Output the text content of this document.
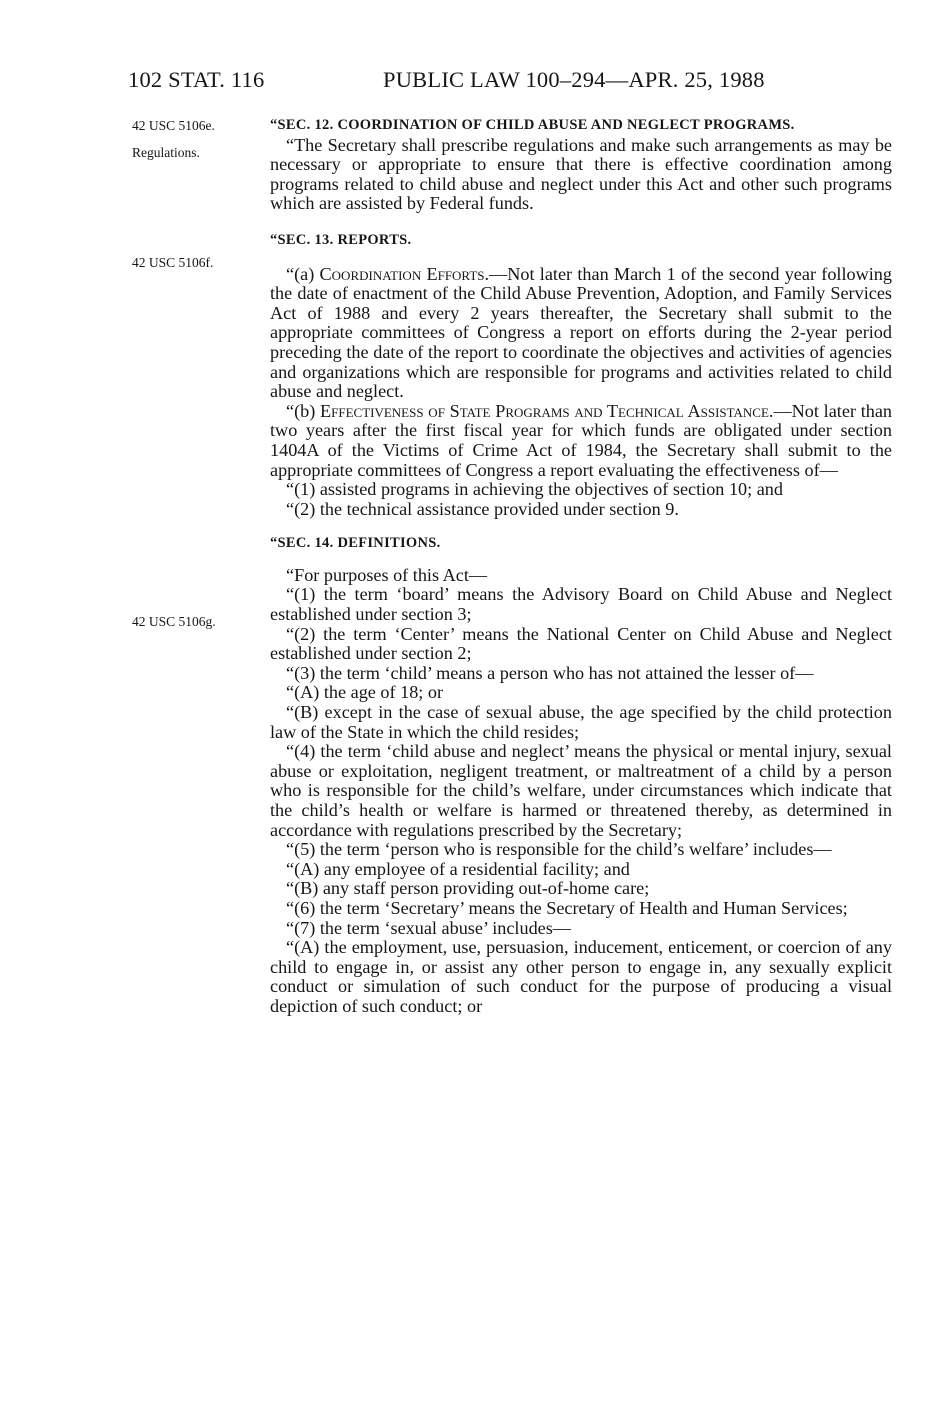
102 STAT. 116	PUBLIC LAW 100–294—APR. 25, 1988
42 USC 5106e.
Regulations.
42 USC 5106f.
42 USC 5106g.

“SEC. 12. COORDINATION OF CHILD ABUSE AND NEGLECT PROGRAMS.

“The Secretary shall prescribe regulations and make such arrangements as may be necessary or appropriate to ensure that there is effective coordination among programs related to child abuse and neglect under this Act and other such programs which are assisted by Federal funds.

“SEC. 13. REPORTS.

“(a) Coordination Efforts.—Not later than March 1 of the second year following the date of enactment of the Child Abuse Prevention, Adoption, and Family Services Act of 1988 and every 2 years thereafter, the Secretary shall submit to the appropriate committees of Congress a report on efforts during the 2-year period preceding the date of the report to coordinate the objectives and activities of agencies and organizations which are responsible for programs and activities related to child abuse and neglect.

“(b) Effectiveness of State Programs and Technical Assistance.—Not later than two years after the first fiscal year for which funds are obligated under section 1404A of the Victims of Crime Act of 1984, the Secretary shall submit to the appropriate committees of Congress a report evaluating the effectiveness of—

“(1) assisted programs in achieving the objectives of section 10; and

“(2) the technical assistance provided under section 9.

“SEC. 14. DEFINITIONS.

“For purposes of this Act—

“(1) the term ‘board’ means the Advisory Board on Child Abuse and Neglect established under section 3;

“(2) the term ‘Center’ means the National Center on Child Abuse and Neglect established under section 2;

“(3) the term ‘child’ means a person who has not attained the lesser of—

“(A) the age of 18; or

“(B) except in the case of sexual abuse, the age specified by the child protection law of the State in which the child resides;

“(4) the term ‘child abuse and neglect’ means the physical or mental injury, sexual abuse or exploitation, negligent treatment, or maltreatment of a child by a person who is responsible for the child’s welfare, under circumstances which indicate that the child’s health or welfare is harmed or threatened thereby, as determined in accordance with regulations prescribed by the Secretary;

“(5) the term ‘person who is responsible for the child’s welfare’ includes—

“(A) any employee of a residential facility; and

“(B) any staff person providing out-of-home care;

“(6) the term ‘Secretary’ means the Secretary of Health and Human Services;

“(7) the term ‘sexual abuse’ includes—

“(A) the employment, use, persuasion, inducement, enticement, or coercion of any child to engage in, or assist any other person to engage in, any sexually explicit conduct or simulation of such conduct for the purpose of producing a visual depiction of such conduct; or
